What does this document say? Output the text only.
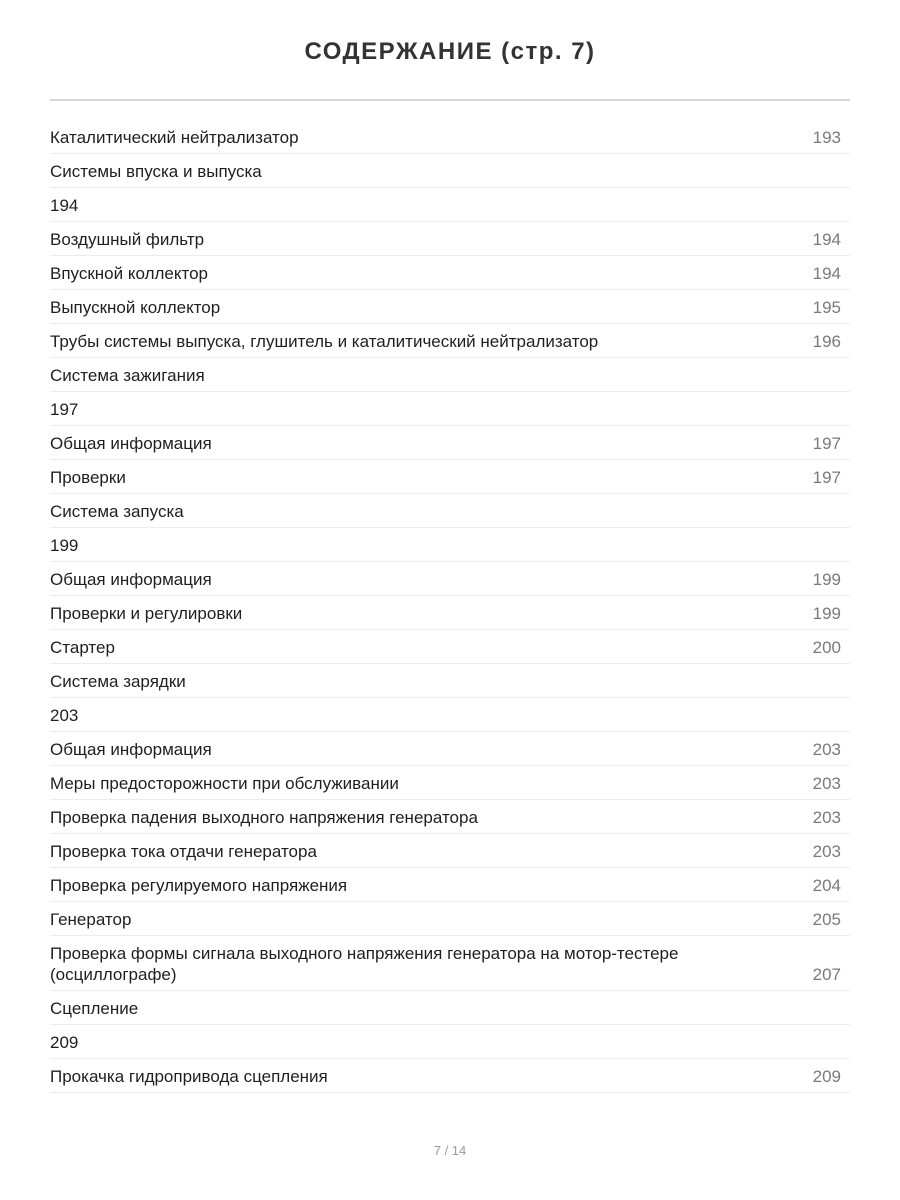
СОДЕРЖАНИЕ (стр. 7)
Каталитический нейтрализатор	193
Системы впуска и выпуска
194
Воздушный фильтр	194
Впускной коллектор	194
Выпускной коллектор	195
Трубы системы выпуска, глушитель и каталитический нейтрализатор	196
Система зажигания
197
Общая информация	197
Проверки	197
Система запуска
199
Общая информация	199
Проверки и регулировки	199
Стартер	200
Система зарядки
203
Общая информация	203
Меры предосторожности при обслуживании	203
Проверка падения выходного напряжения генератора	203
Проверка тока отдачи генератора	203
Проверка регулируемого напряжения	204
Генератор	205
Проверка формы сигнала выходного напряжения генератора на мотор-тестере (осциллографе)	207
Сцепление
209
Прокачка гидропривода сцепления	209
7 / 14
